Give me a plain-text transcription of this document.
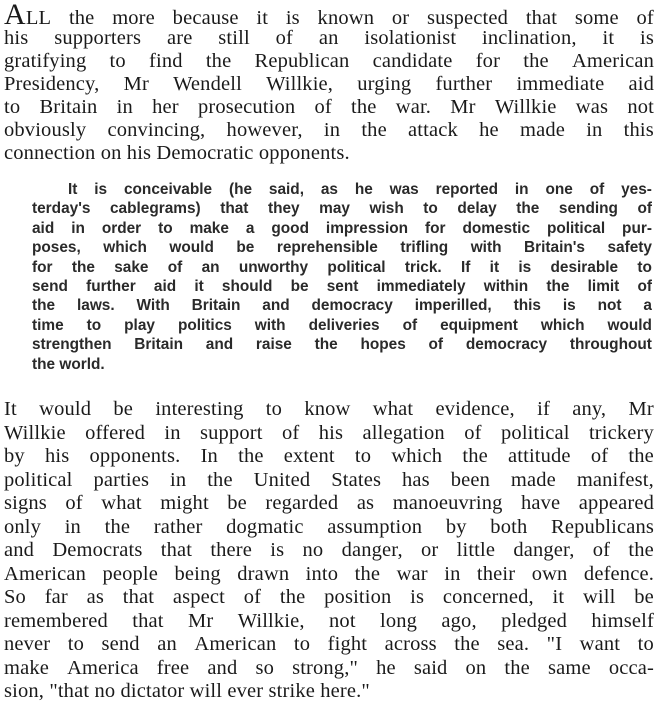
ALL the more because it is known or suspected that some of
his supporters are still of an isolationist inclination, it is
gratifying to find the Republican candidate for the American
Presidency, Mr Wendell Willkie, urging further immediate aid
to Britain in her prosecution of the war. Mr Willkie was not
obviously convincing, however, in the attack he made in this
connection on his Democratic opponents.
It is conceivable (he said, as he was reported in one of yes-
terday's cablegrams) that they may wish to delay the sending of
aid in order to make a good impression for domestic political pur-
poses, which would be reprehensible trifling with Britain's safety
for the sake of an unworthy political trick. If it is desirable to
send further aid it should be sent immediately within the limit of
the laws. With Britain and democracy imperilled, this is not a
time to play politics with deliveries of equipment which would
strengthen Britain and raise the hopes of democracy throughout
the world.
It would be interesting to know what evidence, if any, Mr
Willkie offered in support of his allegation of political trickery
by his opponents. In the extent to which the attitude of the
political parties in the United States has been made manifest,
signs of what might be regarded as manoeuvring have appeared
only in the rather dogmatic assumption by both Republicans
and Democrats that there is no danger, or little danger, of the
American people being drawn into the war in their own defence.
So far as that aspect of the position is concerned, it will be
remembered that Mr Willkie, not long ago, pledged himself
never to send an American to fight across the sea. "I want to
make America free and so strong," he said on the same occa-
sion, "that no dictator will ever strike here."
